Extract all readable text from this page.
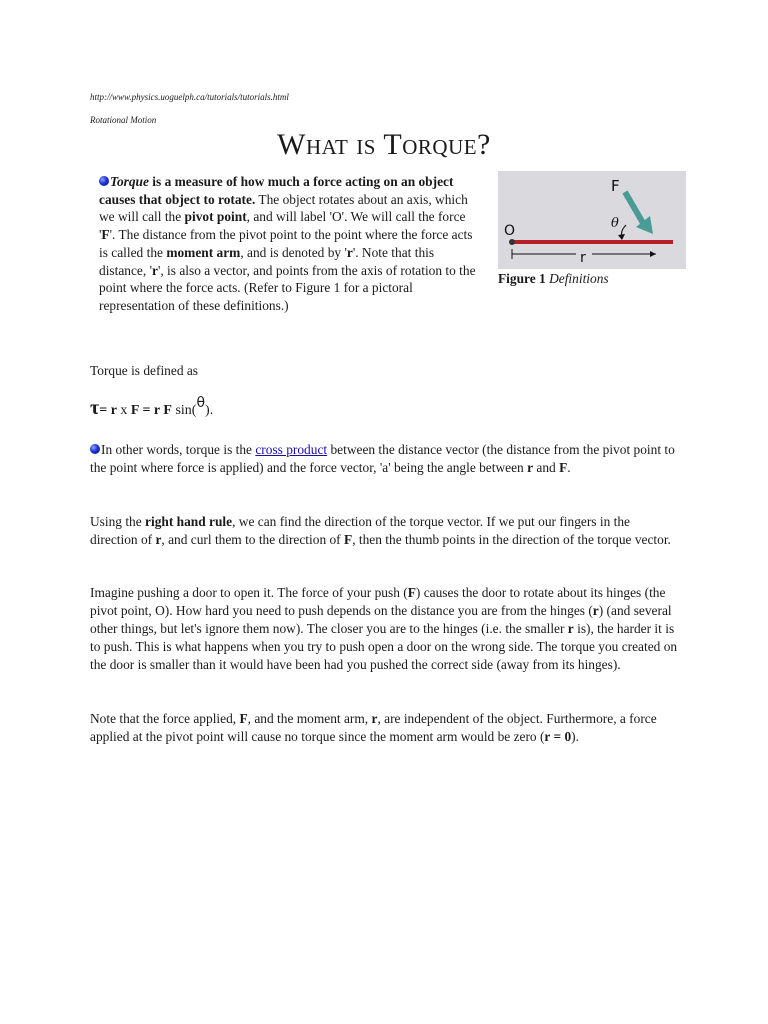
http://www.physics.uoguelph.ca/tutorials/tutorials.html
Rotational Motion
What is Torque?
Torque is a measure of how much a force acting on an object causes that object to rotate. The object rotates about an axis, which we will call the pivot point, and will label 'O'. We will call the force 'F'. The distance from the pivot point to the point where the force acts is called the moment arm, and is denoted by 'r'. Note that this distance, 'r', is also a vector, and points from the axis of rotation to the point where the force acts. (Refer to Figure 1 for a pictoral representation of these definitions.)
F
O	θ
r
Figure 1 Definitions

Torque is defined as

τ= r x F = r F sin(θ).

In other words, torque is the cross product between the distance vector (the distance from the pivot point to the point where force is applied) and the force vector, 'a' being the angle between r and F.

Using the right hand rule, we can find the direction of the torque vector. If we put our fingers in the direction of r, and curl them to the direction of F, then the thumb points in the direction of the torque vector.

Imagine pushing a door to open it. The force of your push (F) causes the door to rotate about its hinges (the pivot point, O). How hard you need to push depends on the distance you are from the hinges (r) (and several other things, but let's ignore them now). The closer you are to the hinges (i.e. the smaller r is), the harder it is to push. This is what happens when you try to push open a door on the wrong side. The torque you created on the door is smaller than it would have been had you pushed the correct side (away from its hinges).

Note that the force applied, F, and the moment arm, r, are independent of the object. Furthermore, a force applied at the pivot point will cause no torque since the moment arm would be zero (r = 0).
